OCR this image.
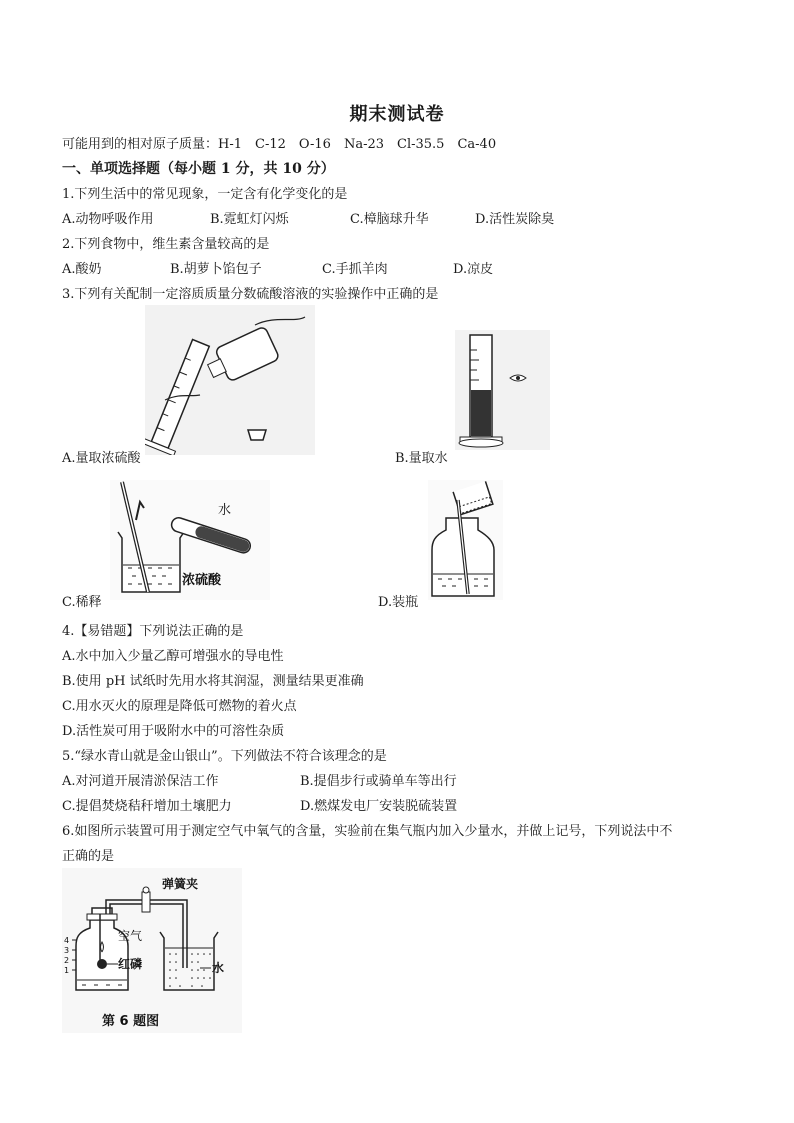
期末测试卷
可能用到的相对原子质量：H-1　C-12　O-16　Na-23　Cl-35.5　Ca-40
一、单项选择题（每小题 1 分，共 10 分）
1.下列生活中的常见现象，一定含有化学变化的是
A.动物呼吸作用	B.霓虹灯闪烁	C.樟脑球升华	D.活性炭除臭
2.下列食物中，维生素含量较高的是
A.酸奶	B.胡萝卜馅包子	C.手抓羊肉	D.凉皮
3.下列有关配制一定溶质质量分数硫酸溶液的实验操作中正确的是
A.量取浓硫酸	B.量取水
水
浓硫酸
C.稀释	D.装瓶
4.【易错题】下列说法正确的是
A.水中加入少量乙醇可增强水的导电性
B.使用 pH 试纸时先用水将其润湿，测量结果更准确
C.用水灭火的原理是降低可燃物的着火点
D.活性炭可用于吸附水中的可溶性杂质
5.“绿水青山就是金山银山”。下列做法不符合该理念的是
A.对河道开展清淤保洁工作	B.提倡步行或骑单车等出行
C.提倡焚烧秸秆增加土壤肥力	D.燃煤发电厂安装脱硫装置
6.如图所示装置可用于测定空气中氧气的含量，实验前在集气瓶内加入少量水，并做上记号，下列说法中不
正确的是
4
3
2
1
弹簧夹
空气
红磷	水
第 6 题图
